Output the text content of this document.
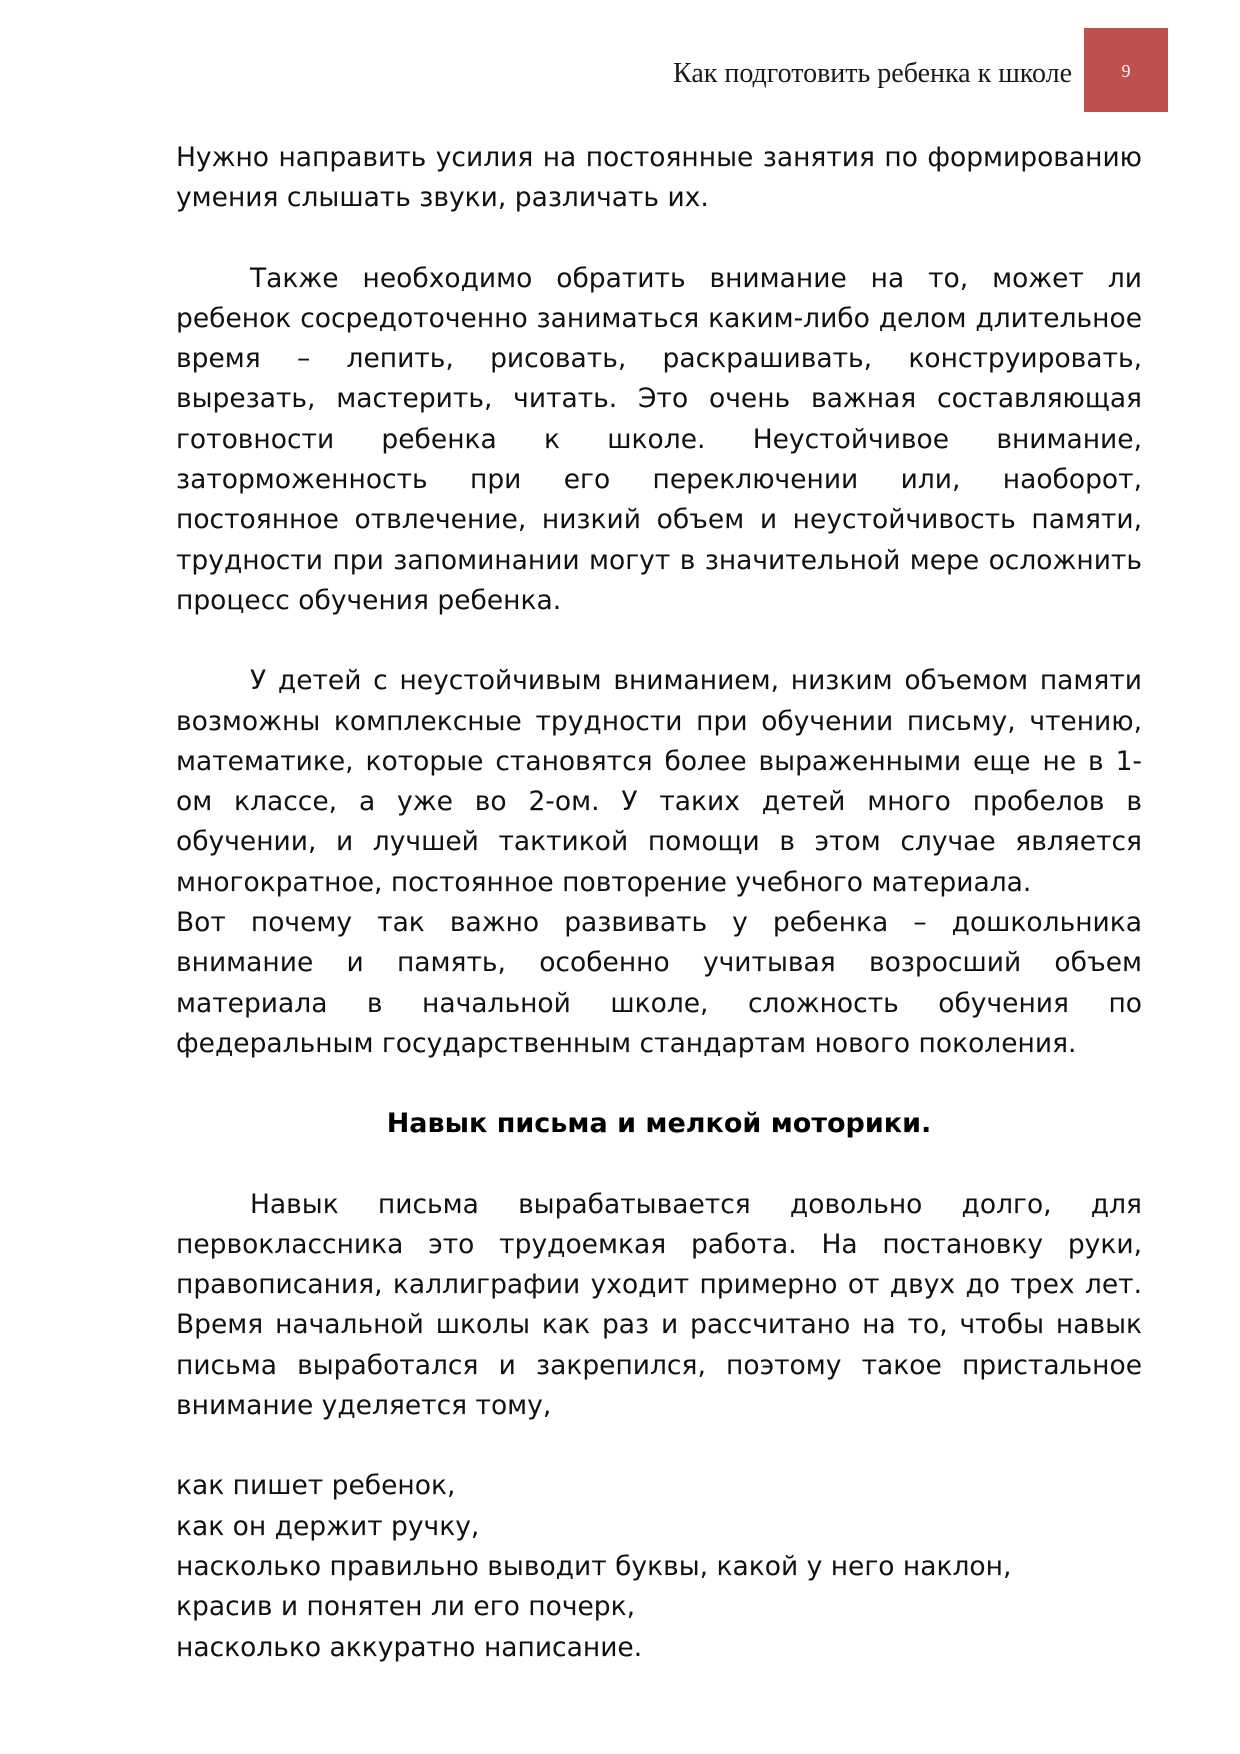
Как подготовить ребенка к школе	9

Нужно направить усилия на постоянные занятия по формированию умения слышать звуки, различать их.

Также необходимо обратить внимание на то, может ли ребенок сосредоточенно заниматься каким-либо делом длительное время – лепить, рисовать, раскрашивать, конструировать, вырезать, мастерить, читать. Это очень важная составляющая готовности ребенка к школе. Неустойчивое внимание, заторможенность при его переключении или, наоборот, постоянное отвлечение, низкий объем и неустойчивость памяти, трудности при запоминании могут в значительной мере осложнить процесс обучения ребенка.

У детей с неустойчивым вниманием, низким объемом памяти возможны комплексные трудности при обучении письму, чтению, математике, которые становятся более выраженными еще не в 1-ом классе, а уже во 2-ом. У таких детей много пробелов в обучении, и лучшей тактикой помощи в этом случае является многократное, постоянное повторение учебного материала.

Вот почему так важно развивать у ребенка – дошкольника внимание и память, особенно учитывая возросший объем материала в начальной школе, сложность обучения по федеральным государственным стандартам нового поколения.

Навык письма и мелкой моторики.

Навык письма вырабатывается довольно долго, для первоклассника это трудоемкая работа. На постановку руки, правописания, каллиграфии уходит примерно от двух до трех лет. Время начальной школы как раз и рассчитано на то, чтобы навык письма выработался и закрепился, поэтому такое пристальное внимание уделяется тому,

как пишет ребенок,
как он держит ручку,
насколько правильно выводит буквы, какой у него наклон,
красив и понятен ли его почерк,
насколько аккуратно написание.
